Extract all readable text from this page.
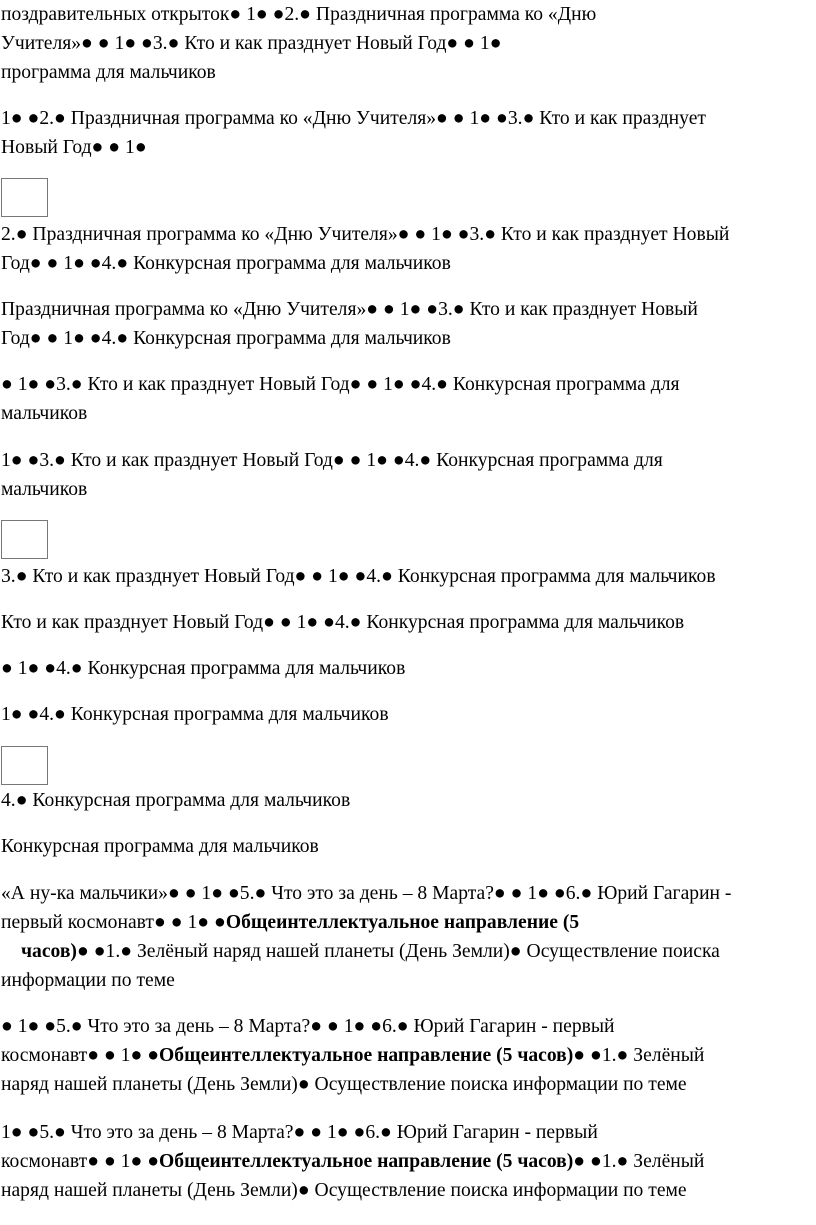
поздравительных открыток● 1● ●2.● Праздничная программа ко «Дню

Учителя»● ● 1● ●3.● Кто и как празднует Новый Год● ● 1●

программа для мальчиков

1● ●2.● Праздничная программа ко «Дню Учителя»● ● 1● ●3.● Кто и как празднует

Новый Год● ● 1●

2.● Праздничная программа ко «Дню Учителя»● ● 1● ●3.● Кто и как празднует Новый

Год● ● 1● ●4.● Конкурсная программа для мальчиков

Праздничная программа ко «Дню Учителя»● ● 1● ●3.● Кто и как празднует Новый

Год● ● 1● ●4.● Конкурсная программа для мальчиков

● 1● ●3.● Кто и как празднует Новый Год● ● 1● ●4.● Конкурсная программа для

мальчиков

1● ●3.● Кто и как празднует Новый Год● ● 1● ●4.● Конкурсная программа для

мальчиков

3.● Кто и как празднует Новый Год● ● 1● ●4.● Конкурсная программа для мальчиков

Кто и как празднует Новый Год● ● 1● ●4.● Конкурсная программа для мальчиков

● 1● ●4.● Конкурсная программа для мальчиков

1● ●4.● Конкурсная программа для мальчиков

4.● Конкурсная программа для мальчиков

Конкурсная программа для мальчиков

«А ну-ка мальчики»● ● 1● ●5.● Что это за день – 8 Марта?● ● 1● ●6.● Юрий Гагарин -

первый космонавт● ● 1● ●Общеинтеллектуальное направление (5

часов)● ●1.● Зелёный наряд нашей планеты (День Земли)● Осуществление поиска

информации по теме

● 1● ●5.● Что это за день – 8 Марта?● ● 1● ●6.● Юрий Гагарин - первый

космонавт● ● 1● ●Общеинтеллектуальное направление (5 часов)● ●1.● Зелёный

наряд нашей планеты (День Земли)● Осуществление поиска информации по теме

1● ●5.● Что это за день – 8 Марта?● ● 1● ●6.● Юрий Гагарин - первый

космонавт● ● 1● ●Общеинтеллектуальное направление (5 часов)● ●1.● Зелёный

наряд нашей планеты (День Земли)● Осуществление поиска информации по теме
